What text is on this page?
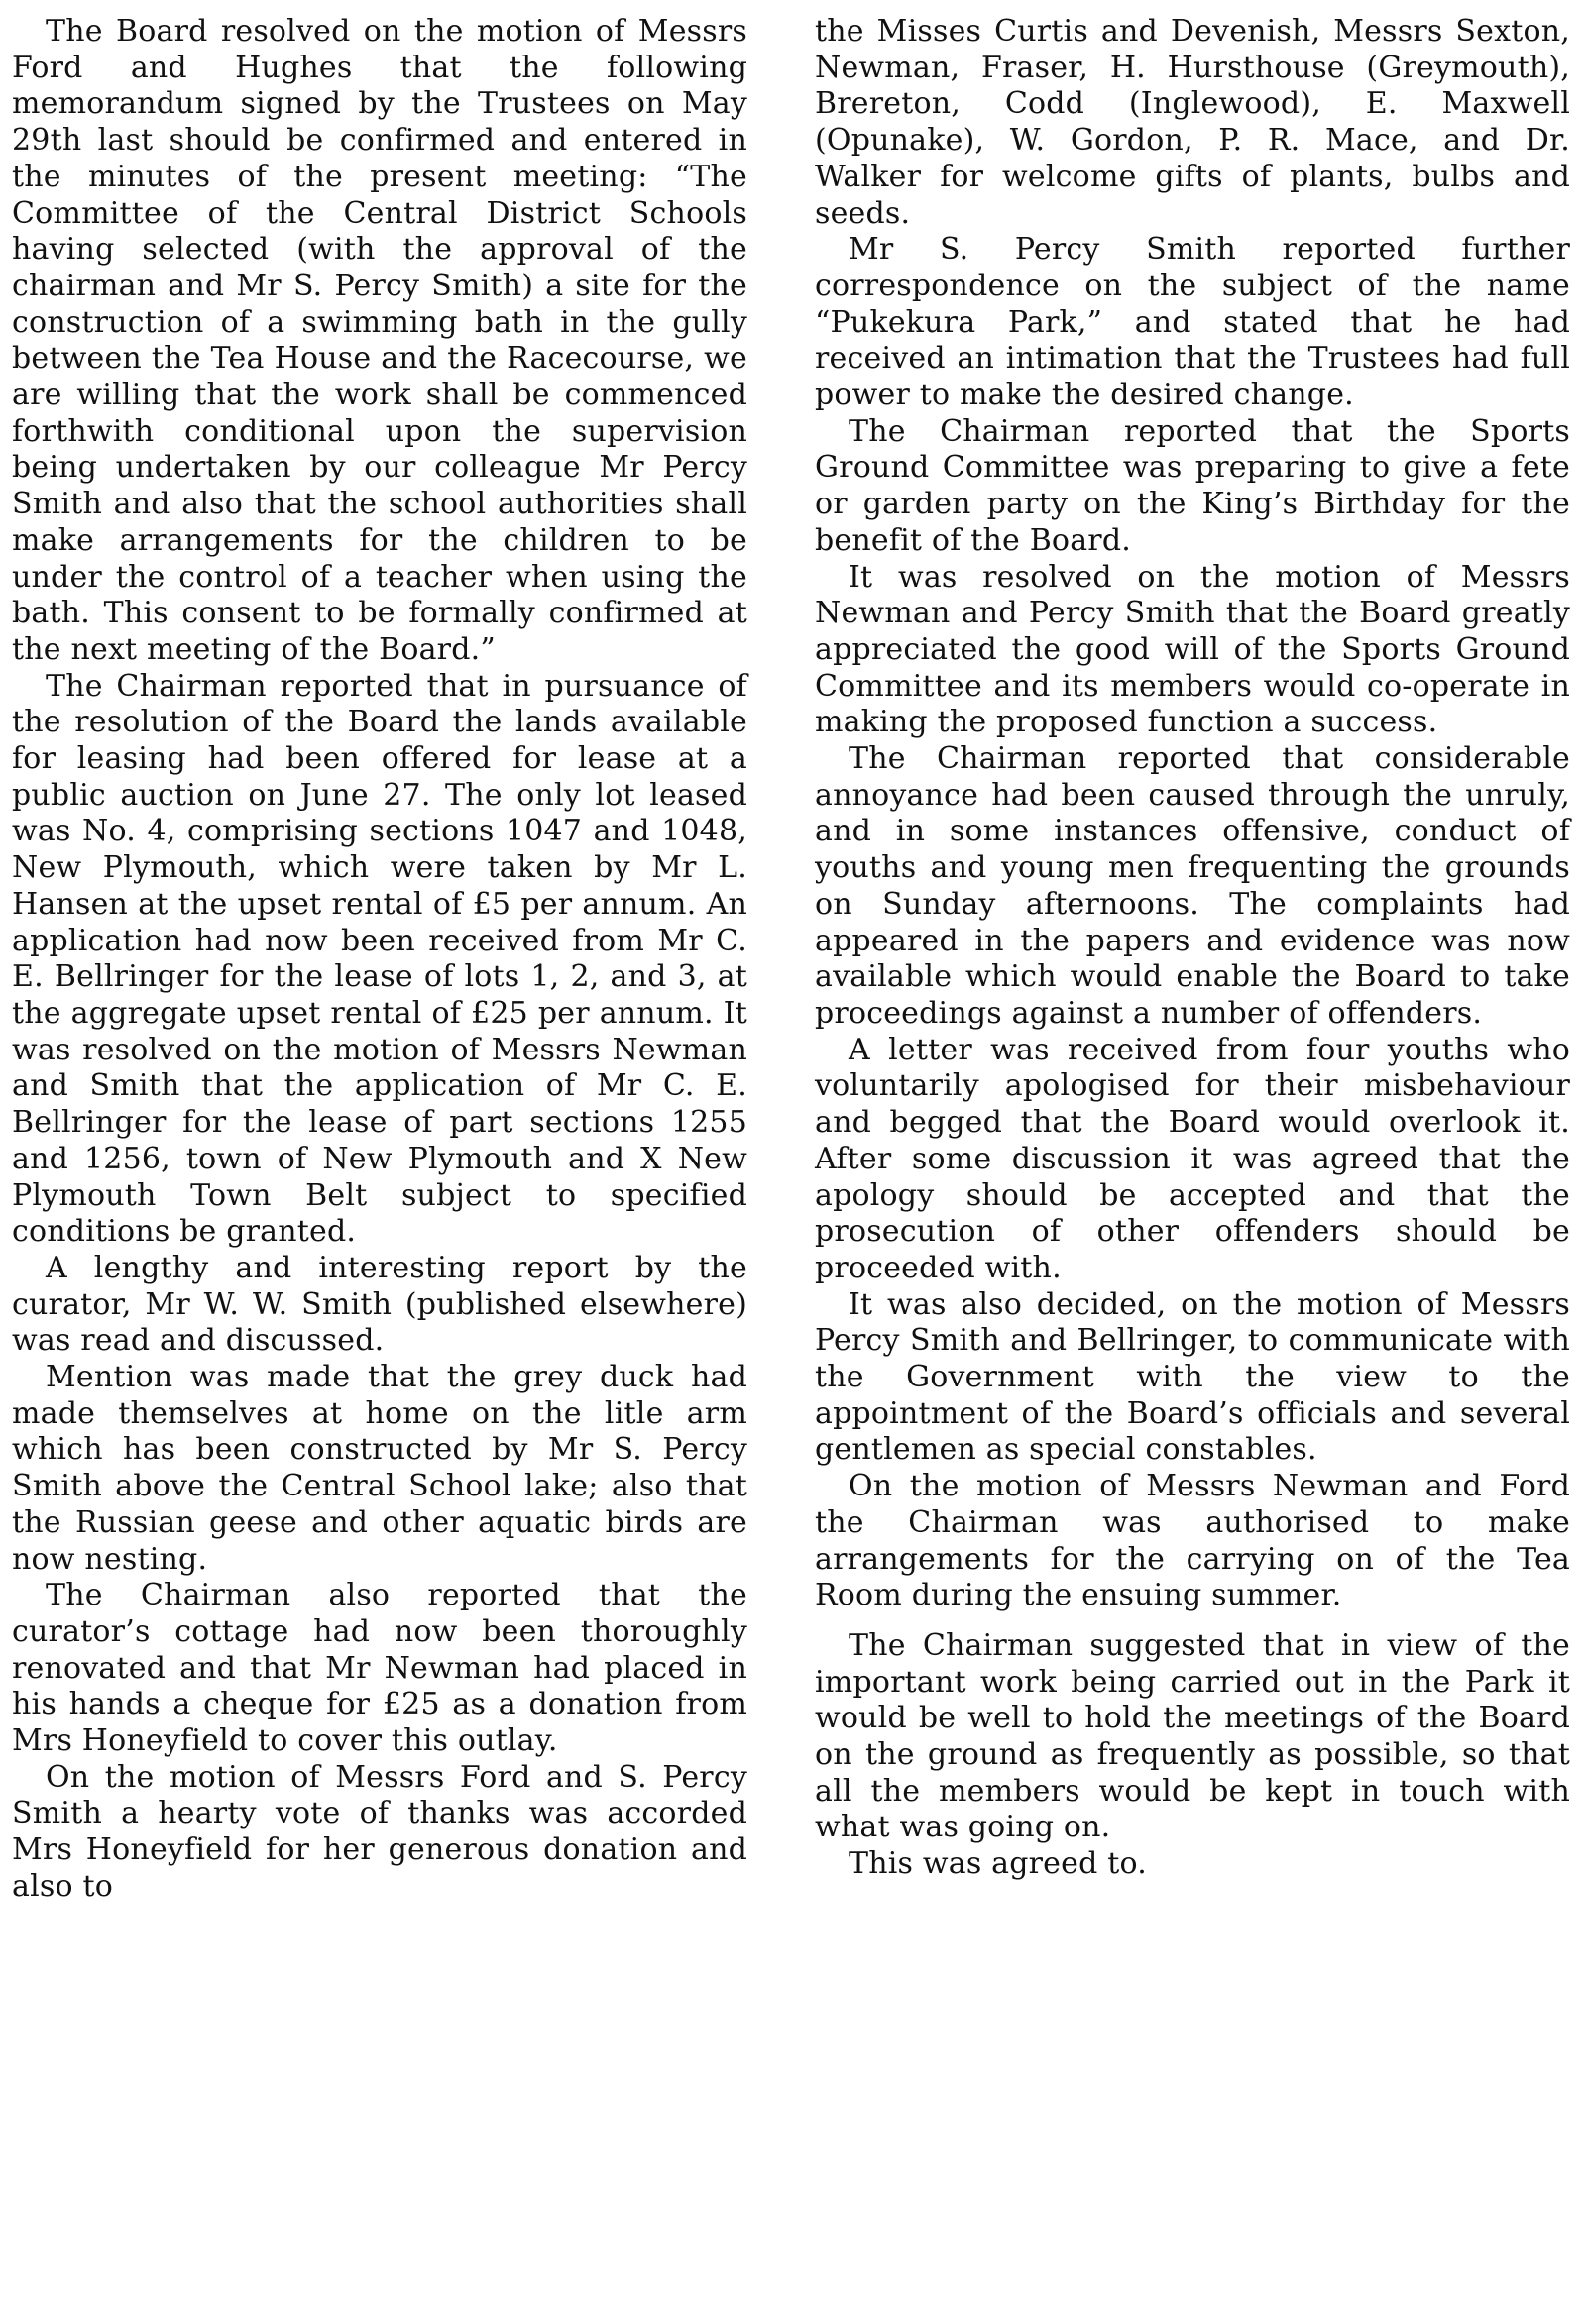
The Board resolved on the motion of Messrs Ford and Hughes that the following memorandum signed by the Trustees on May 29th last should be confirmed and entered in the minutes of the present meeting: “The Committee of the Central District Schools having selected (with the approval of the chairman and Mr S. Percy Smith) a site for the construction of a swimming bath in the gully between the Tea House and the Racecourse, we are willing that the work shall be commenced forthwith conditional upon the supervision being undertaken by our colleague Mr Percy Smith and also that the school authorities shall make arrangements for the children to be under the control of a teacher when using the bath. This consent to be formally confirmed at the next meeting of the Board.”

The Chairman reported that in pursuance of the resolution of the Board the lands available for leasing had been offered for lease at a public auction on June 27. The only lot leased was No. 4, comprising sections 1047 and 1048, New Plymouth, which were taken by Mr L. Hansen at the upset rental of £5 per annum. An application had now been received from Mr C. E. Bellringer for the lease of lots 1, 2, and 3, at the aggregate upset rental of £25 per annum. It was resolved on the motion of Messrs Newman and Smith that the application of Mr C. E. Bellringer for the lease of part sections 1255 and 1256, town of New Plymouth and X New Plymouth Town Belt subject to specified conditions be granted.

A lengthy and interesting report by the curator, Mr W. W. Smith (published elsewhere) was read and discussed.

Mention was made that the grey duck had made themselves at home on the litle arm which has been constructed by Mr S. Percy Smith above the Central School lake; also that the Russian geese and other aquatic birds are now nesting.

The Chairman also reported that the curator’s cottage had now been thoroughly renovated and that Mr Newman had placed in his hands a cheque for £25 as a donation from Mrs Honeyfield to cover this outlay.

On the motion of Messrs Ford and S. Percy Smith a hearty vote of thanks was accorded Mrs Honeyfield for her generous donation and also to

the Misses Curtis and Devenish, Messrs Sexton, Newman, Fraser, H. Hursthouse (Greymouth), Brereton, Codd (Inglewood), E. Maxwell (Opunake), W. Gordon, P. R. Mace, and Dr. Walker for welcome gifts of plants, bulbs and seeds.

Mr S. Percy Smith reported further correspondence on the subject of the name “Pukekura Park,” and stated that he had received an intimation that the Trustees had full power to make the desired change.

The Chairman reported that the Sports Ground Committee was preparing to give a fete or garden party on the King’s Birthday for the benefit of the Board.

It was resolved on the motion of Messrs Newman and Percy Smith that the Board greatly appreciated the good will of the Sports Ground Committee and its members would co-operate in making the proposed function a success.

The Chairman reported that considerable annoyance had been caused through the unruly, and in some instances offensive, conduct of youths and young men frequenting the grounds on Sunday afternoons. The complaints had appeared in the papers and evidence was now available which would enable the Board to take proceedings against a number of offenders.

A letter was received from four youths who voluntarily apologised for their misbehaviour and begged that the Board would overlook it. After some discussion it was agreed that the apology should be accepted and that the prosecution of other offenders should be proceeded with.

It was also decided, on the motion of Messrs Percy Smith and Bellringer, to communicate with the Government with the view to the appointment of the Board’s officials and several gentlemen as special constables.

On the motion of Messrs Newman and Ford the Chairman was authorised to make arrangements for the carrying on of the Tea Room during the ensuing summer.

The Chairman suggested that in view of the important work being carried out in the Park it would be well to hold the meetings of the Board on the ground as frequently as possible, so that all the members would be kept in touch with what was going on.

This was agreed to.
